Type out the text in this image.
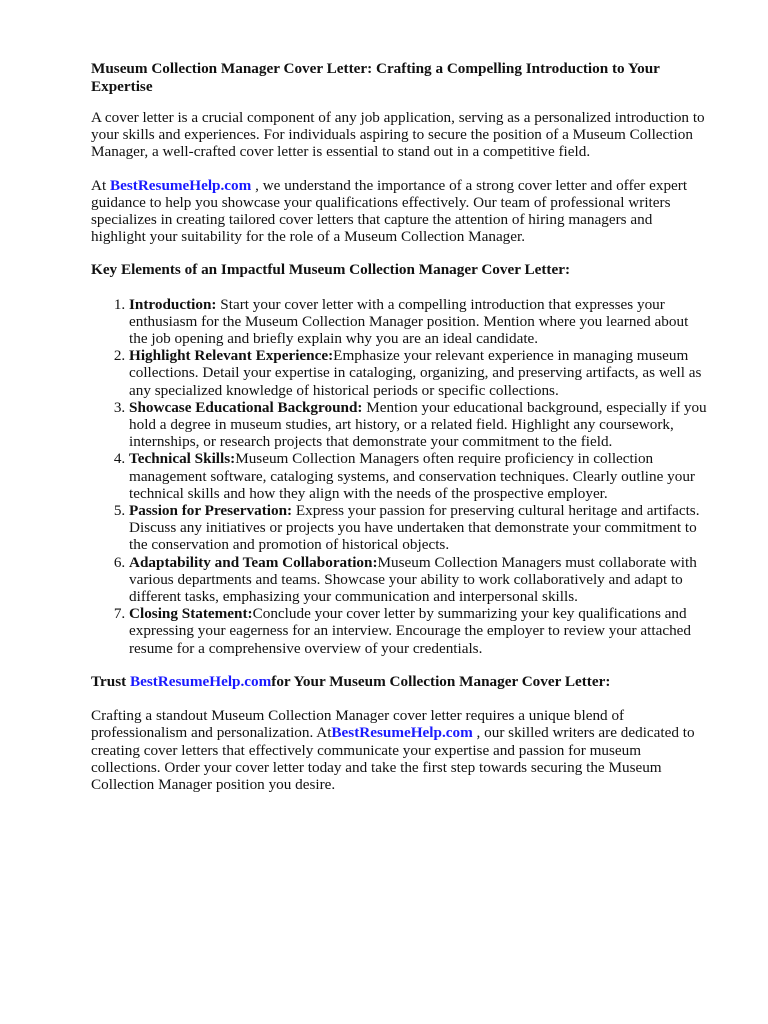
Museum Collection Manager Cover Letter: Crafting a Compelling Introduction to Your Expertise

A cover letter is a crucial component of any job application, serving as a personalized introduction to your skills and experiences. For individuals aspiring to secure the position of a Museum Collection Manager, a well-crafted cover letter is essential to stand out in a competitive field.

At BestResumeHelp.com , we understand the importance of a strong cover letter and offer expert guidance to help you showcase your qualifications effectively. Our team of professional writers specializes in creating tailored cover letters that capture the attention of hiring managers and highlight your suitability for the role of a Museum Collection Manager.

Key Elements of an Impactful Museum Collection Manager Cover Letter:
1. Introduction: Start your cover letter with a compelling introduction that expresses your enthusiasm for the Museum Collection Manager position. Mention where you learned about the job opening and briefly explain why you are an ideal candidate.
2. Highlight Relevant Experience:Emphasize your relevant experience in managing museum collections. Detail your expertise in cataloging, organizing, and preserving artifacts, as well as any specialized knowledge of historical periods or specific collections.
3. Showcase Educational Background: Mention your educational background, especially if you hold a degree in museum studies, art history, or a related field. Highlight any coursework, internships, or research projects that demonstrate your commitment to the field.
4. Technical Skills:Museum Collection Managers often require proficiency in collection management software, cataloging systems, and conservation techniques. Clearly outline your technical skills and how they align with the needs of the prospective employer.
5. Passion for Preservation: Express your passion for preserving cultural heritage and artifacts. Discuss any initiatives or projects you have undertaken that demonstrate your commitment to the conservation and promotion of historical objects.
6. Adaptability and Team Collaboration:Museum Collection Managers must collaborate with various departments and teams. Showcase your ability to work collaboratively and adapt to different tasks, emphasizing your communication and interpersonal skills.
7. Closing Statement:Conclude your cover letter by summarizing your key qualifications and expressing your eagerness for an interview. Encourage the employer to review your attached resume for a comprehensive overview of your credentials.
Trust BestResumeHelp.comfor Your Museum Collection Manager Cover Letter:

Crafting a standout Museum Collection Manager cover letter requires a unique blend of professionalism and personalization. AtBestResumeHelp.com , our skilled writers are dedicated to creating cover letters that effectively communicate your expertise and passion for museum collections. Order your cover letter today and take the first step towards securing the Museum Collection Manager position you desire.
